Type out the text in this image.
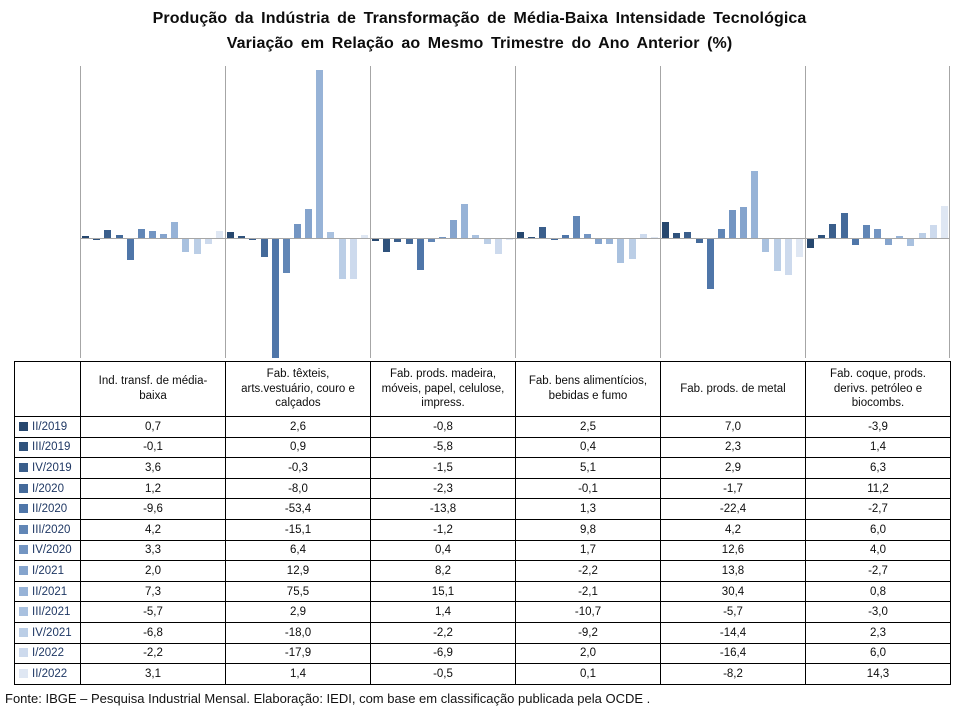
Produção da Indústria de Transformação de Média-Baixa Intensidade Tecnológica
Variação em Relação ao Mesmo Trimestre do Ano Anterior (%)
	Ind. transf. de média-baixa	Fab. têxteis, arts.vestuário, couro e calçados	Fab. prods. madeira, móveis, papel, celulose, impress.	Fab. bens alimentícios, bebidas e fumo	Fab. prods. de metal	Fab. coque, prods. derivs. petróleo e biocombs.
II/2019	0,7	2,6	-0,8	2,5	7,0	-3,9
III/2019	-0,1	0,9	-5,8	0,4	2,3	1,4
IV/2019	3,6	-0,3	-1,5	5,1	2,9	6,3
I/2020	1,2	-8,0	-2,3	-0,1	-1,7	11,2
II/2020	-9,6	-53,4	-13,8	1,3	-22,4	-2,7
III/2020	4,2	-15,1	-1,2	9,8	4,2	6,0
IV/2020	3,3	6,4	0,4	1,7	12,6	4,0
I/2021	2,0	12,9	8,2	-2,2	13,8	-2,7
II/2021	7,3	75,5	15,1	-2,1	30,4	0,8
III/2021	-5,7	2,9	1,4	-10,7	-5,7	-3,0
IV/2021	-6,8	-18,0	-2,2	-9,2	-14,4	2,3
I/2022	-2,2	-17,9	-6,9	2,0	-16,4	6,0
II/2022	3,1	1,4	-0,5	0,1	-8,2	14,3
Fonte: IBGE – Pesquisa Industrial Mensal. Elaboração: IEDI, com base em classificação publicada pela OCDE .
